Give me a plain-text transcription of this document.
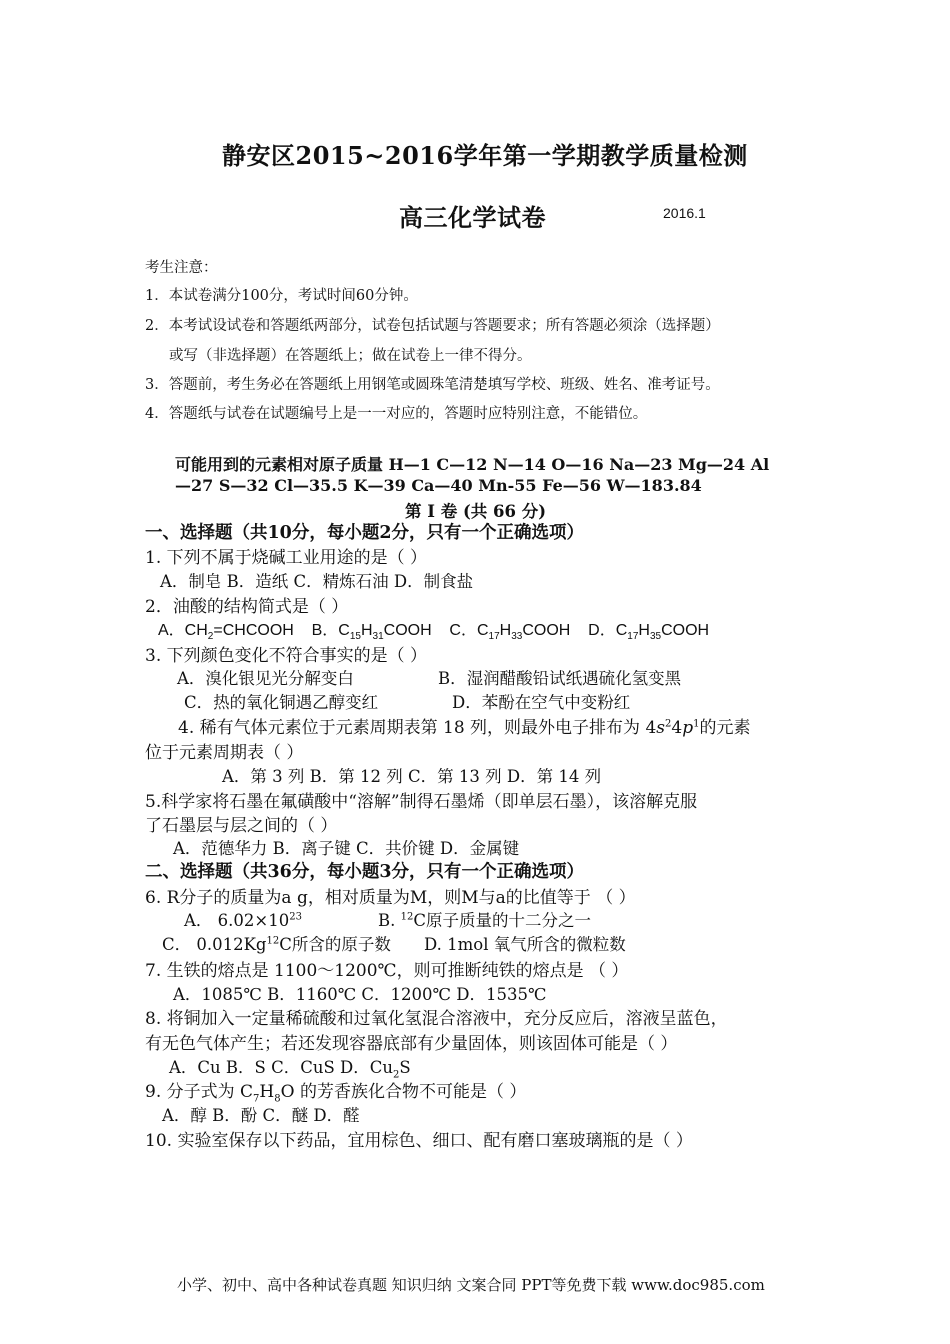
静安区2015~2016学年第一学期教学质量检测
高三化学试卷	2016.1
考生注意：
1．本试卷满分100分，考试时间60分钟。
2．本考试设试卷和答题纸两部分，试卷包括试题与答题要求；所有答题必须涂（选择题）
或写（非选择题）在答题纸上；做在试卷上一律不得分。
3．答题前，考生务必在答题纸上用钢笔或圆珠笔清楚填写学校、班级、姓名、准考证号。
4．答题纸与试卷在试题编号上是一一对应的，答题时应特别注意，不能错位。
可能用到的元素相对原子质量 H—1 C—12 N—14 O—16 Na—23 Mg—24 Al
—27 S—32 Cl—35.5 K—39 Ca—40 Mn-55 Fe—56 W—183.84
第 I 卷 (共 66 分)
一、选择题（共10分，每小题2分，只有一个正确选项）
1. 下列不属于烧碱工业用途的是（ ）
A．制皂 B．造纸 C．精炼石油 D．制食盐
2．油酸的结构简式是（ ）
A．$CH_2=CHCOOH$ B．$C_{15}H_{31}COOH$ C．$C_{17}H_{33}COOH$ D．$C_{17}H_{35}COOH$
3. 下列颜色变化不符合事实的是（ ）
A．溴化银见光分解变白	B．湿润醋酸铅试纸遇硫化氢变黑
C．热的氧化铜遇乙醇变红	D．苯酚在空气中变粉红
4. 稀有气体元素位于元素周期表第 18 列，则最外电子排布为 $4s^24p^1$的元素
位于元素周期表（ ）
A．第 3 列 B．第 12 列 C．第 13 列 D．第 14 列
5.科学家将石墨在氟磺酸中“溶解”制得石墨烯（即单层石墨），该溶解克服
了石墨层与层之间的（ ）
A．范德华力 B．离子键 C．共价键 D．金属键
二、选择题（共36分，每小题3分，只有一个正确选项）
6. R分子的质量为a g，相对质量为M，则M与a的比值等于 （ ）
A． $6.02\times 10^{23}$	B. $^{12}$C原子质量的十二分之一
C． 0.012Kg$^{12}$C所含的原子数 D. 1mol 氧气所含的微粒数
7. 生铁的熔点是 1100～1200℃，则可推断纯铁的熔点是 （ ）
A．1085℃ B．1160℃ C．1200℃ D．1535℃
8. 将铜加入一定量稀硫酸和过氧化氢混合溶液中，充分反应后，溶液呈蓝色，
有无色气体产生；若还发现容器底部有少量固体，则该固体可能是（ ）
A．Cu B．S C．CuS D．$Cu_2S$
9. 分子式为 $C_7H_8O$ 的芳香族化合物不可能是（ ）
A．醇 B．酚 C．醚 D．醛
10. 实验室保存以下药品，宜用棕色、细口、配有磨口塞玻璃瓶的是（ ）
小学、初中、高中各种试卷真题 知识归纳 文案合同 PPT等免费下载 www.doc985.com
